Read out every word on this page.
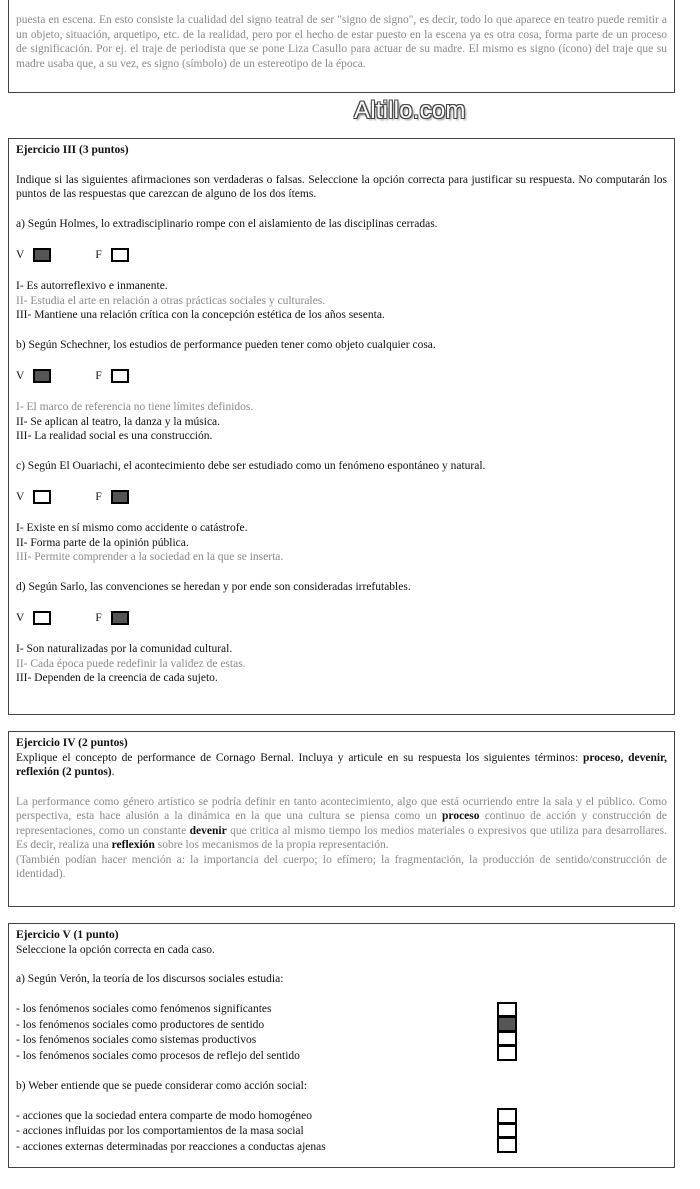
puesta en escena. En esto consiste la cualidad del signo teatral de ser "signo de signo", es decir, todo lo que aparece en teatro puede remitir a un objeto, situación, arquetipo, etc. de la realidad, pero por el hecho de estar puesto en la escena ya es otra cosa, forma parte de un proceso de significación. Por ej. el traje de periodista que se pone Liza Casullo para actuar de su madre. El mismo es signo (ícono) del traje que su madre usaba que, a su vez, es signo (símbolo) de un estereotipo de la época.
Altillo.com
Ejercicio III (3 puntos)
Indique si las siguientes afirmaciones son verdaderas o falsas. Seleccione la opción correcta para justificar su respuesta. No computarán los puntos de las respuestas que carezcan de alguno de los dos ítems.
a) Según Holmes, lo extradisciplinario rompe con el aislamiento de las disciplinas cerradas.
V	F
I- Es autorreflexivo e inmanente.
II- Estudia el arte en relación a otras prácticas sociales y culturales.
III- Mantiene una relación crítica con la concepción estética de los años sesenta.
b) Según Schechner, los estudios de performance pueden tener como objeto cualquier cosa.
V	F
I- El marco de referencia no tiene límites definidos.
II- Se aplican al teatro, la danza y la música.
III- La realidad social es una construcción.
c) Según El Ouariachi, el acontecimiento debe ser estudiado como un fenómeno espontáneo y natural.
V	F
I- Existe en sí mismo como accidente o catástrofe.
II- Forma parte de la opinión pública.
III- Permite comprender a la sociedad en la que se inserta.
d) Según Sarlo, las convenciones se heredan y por ende son consideradas irrefutables.
V	F
I- Son naturalizadas por la comunidad cultural.
II- Cada época puede redefinir la validez de estas.
III- Dependen de la creencia de cada sujeto.
Ejercicio IV (2 puntos)
Explique el concepto de performance de Cornago Bernal. Incluya y articule en su respuesta los siguientes términos: proceso, devenir, reflexión (2 puntos).
La performance como género artístico se podría definir en tanto acontecimiento, algo que está ocurriendo entre la sala y el público. Como perspectiva, esta hace alusión a la dinámica en la que una cultura se piensa como un proceso continuo de acción y construcción de representaciones, como un constante devenir que critica al mismo tiempo los medios materiales o expresivos que utiliza para desarrollares. Es decir, realiza una reflexión sobre los mecanismos de la propia representación.
(También podían hacer mención a: la importancia del cuerpo; lo efímero; la fragmentación, la producción de sentido/construcción de identidad).
Ejercicio V (1 punto)
Seleccione la opción correcta en cada caso.
a) Según Verón, la teoría de los discursos sociales estudia:
- los fenómenos sociales como fenómenos significantes
- los fenómenos sociales como productores de sentido
- los fenómenos sociales como sistemas productivos
- los fenómenos sociales como procesos de reflejo del sentido
b) Weber entiende que se puede considerar como acción social:
- acciones que la sociedad entera comparte de modo homogéneo
- acciones influidas por los comportamientos de la masa social
- acciones externas determinadas por reacciones a conductas ajenas
